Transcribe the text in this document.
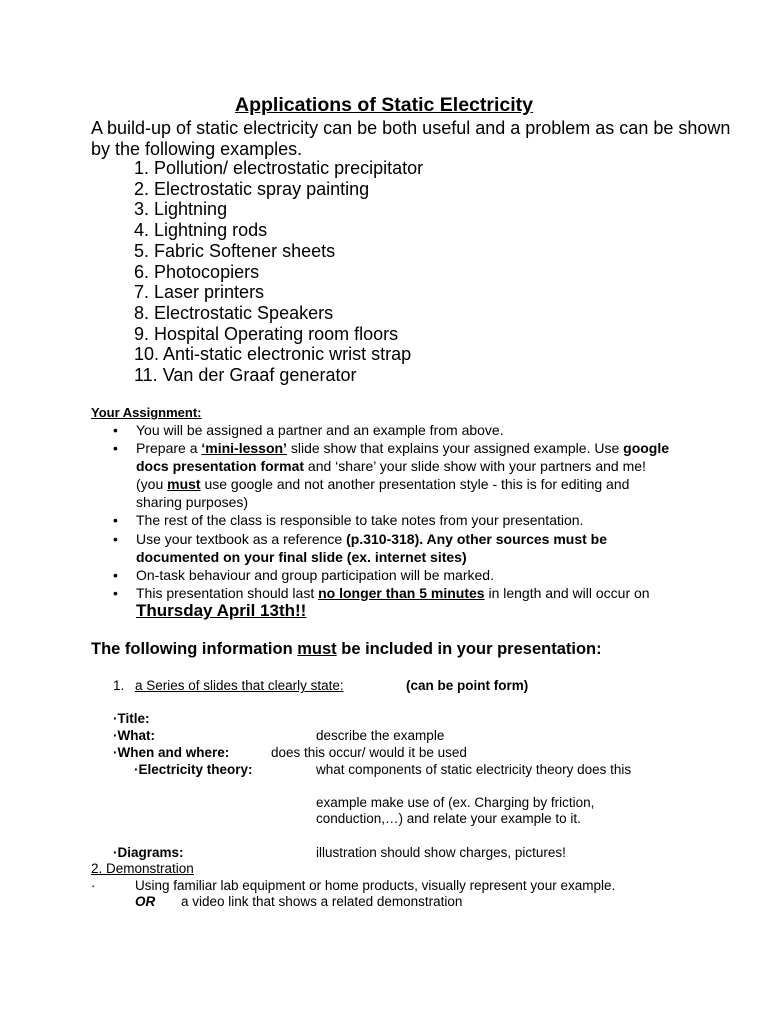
Applications of Static Electricity
A build-up of static electricity can be both useful and a problem as can be shown by the following examples.
1. Pollution/ electrostatic precipitator
2. Electrostatic spray painting
3. Lightning
4. Lightning rods
5. Fabric Softener sheets
6. Photocopiers
7. Laser printers
8. Electrostatic Speakers
9. Hospital Operating room floors
10. Anti-static electronic wrist strap
11. Van der Graaf generator
Your Assignment:
• You will be assigned a partner and an example from above.
• Prepare a ‘mini-lesson’ slide show that explains your assigned example. Use google docs presentation format and ‘share’ your slide show with your partners and me! (you must use google and not another presentation style - this is for editing and sharing purposes)
• The rest of the class is responsible to take notes from your presentation.
• Use your textbook as a reference (p.310-318). Any other sources must be documented on your final slide (ex. internet sites)
• On-task behaviour and group participation will be marked.
• This presentation should last no longer than 5 minutes in length and will occur on Thursday April 13th!!
The following information must be included in your presentation:
1. a Series of slides that clearly state:	(can be point form)
·Title:
·What:	describe the example
·When and where:	does this occur/ would it be used
·Electricity theory:	what components of static electricity theory does this
example make use of (ex. Charging by friction,
conduction,…) and relate your example to it.
·Diagrams:	illustration should show charges, pictures!
2. Demonstration
·	Using familiar lab equipment or home products, visually represent your example.
OR a video link that shows a related demonstration
